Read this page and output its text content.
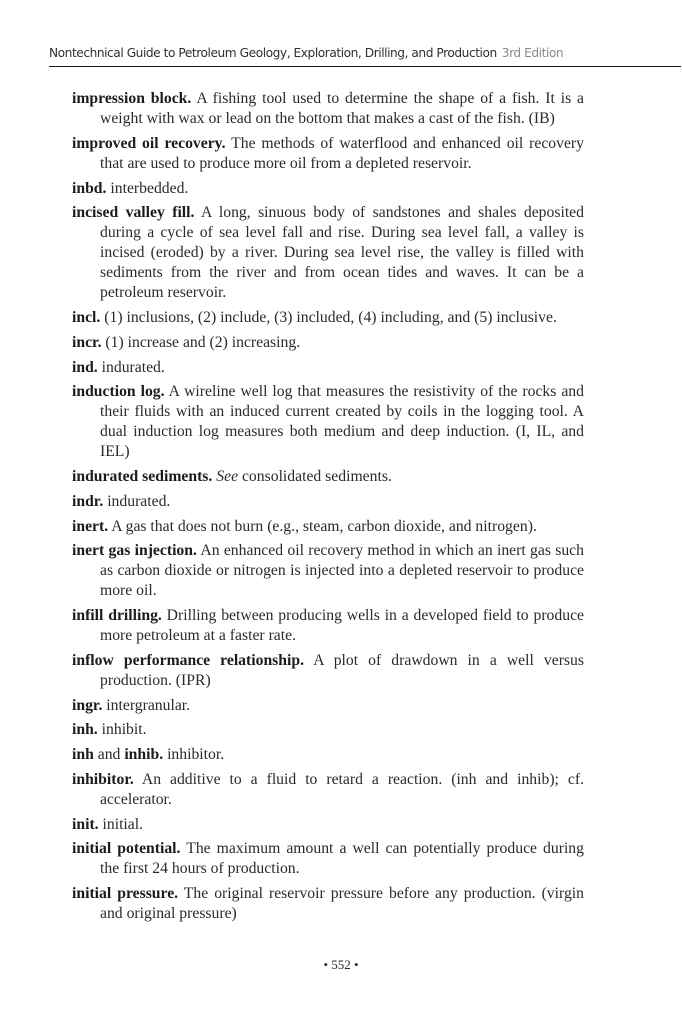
Nontechnical Guide to Petroleum Geology, Exploration, Drilling, and Production 3rd Edition

impression block. A fishing tool used to determine the shape of a fish. It is a weight with wax or lead on the bottom that makes a cast of the fish. (IB)

improved oil recovery. The methods of waterflood and enhanced oil recovery that are used to produce more oil from a depleted reservoir.

inbd. interbedded.

incised valley fill. A long, sinuous body of sandstones and shales deposited during a cycle of sea level fall and rise. During sea level fall, a valley is incised (eroded) by a river. During sea level rise, the valley is filled with sediments from the river and from ocean tides and waves. It can be a petroleum reservoir.

incl. (1) inclusions, (2) include, (3) included, (4) including, and (5) inclusive.

incr. (1) increase and (2) increasing.

ind. indurated.

induction log. A wireline well log that measures the resistivity of the rocks and their fluids with an induced current created by coils in the logging tool. A dual induction log measures both medium and deep induction. (I, IL, and IEL)

indurated sediments. See consolidated sediments.

indr. indurated.

inert. A gas that does not burn (e.g., steam, carbon dioxide, and nitrogen).

inert gas injection. An enhanced oil recovery method in which an inert gas such as carbon dioxide or nitrogen is injected into a depleted reservoir to produce more oil.

infill drilling. Drilling between producing wells in a developed field to produce more petroleum at a faster rate.

inflow performance relationship. A plot of drawdown in a well versus production. (IPR)

ingr. intergranular.

inh. inhibit.

inh and inhib. inhibitor.

inhibitor. An additive to a fluid to retard a reaction. (inh and inhib); cf. accelerator.

init. initial.

initial potential. The maximum amount a well can potentially produce during the first 24 hours of production.

initial pressure. The original reservoir pressure before any production. (virgin and original pressure)

• 552 •
